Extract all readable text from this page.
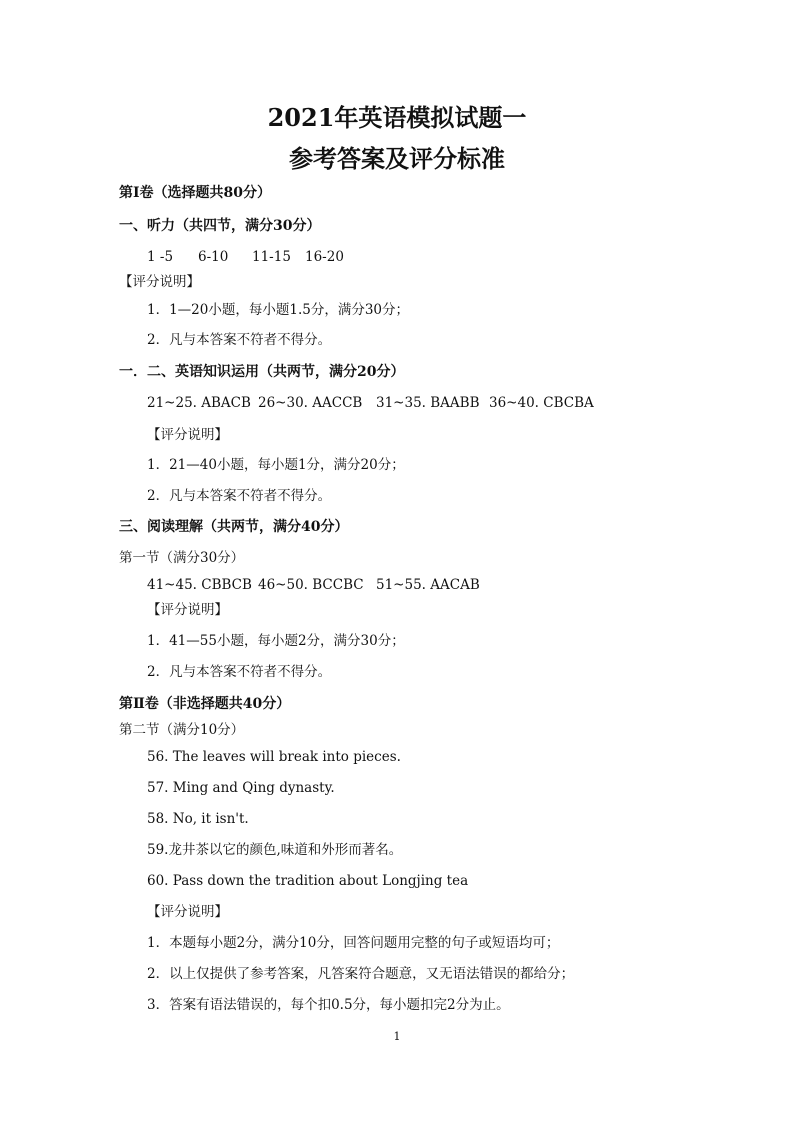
2021年英语模拟试题一
参考答案及评分标准
第Ⅰ卷（选择题共80分）
一、听力（共四节，满分30分）
1 -5 6-10 11-15 16-20
【评分说明】
1．1—20小题，每小题1.5分，满分30分；
2．凡与本答案不符者不得分。
一．二、英语知识运用（共两节，满分20分）
21~25. ABACB 26~30. AACCB 31~35. BAABB 36~40. CBCBA
【评分说明】
1．21—40小题，每小题1分，满分20分；
2．凡与本答案不符者不得分。
三、阅读理解（共两节，满分40分）
第一节（满分30分）
41~45. CBBCB 46~50. BCCBC 51~55. AACAB
【评分说明】
1．41—55小题，每小题2分，满分30分；
2．凡与本答案不符者不得分。
第Ⅱ卷（非选择题共40分）
第二节（满分10分）
56. The leaves will break into pieces.
57. Ming and Qing dynasty.
58. No, it isn't.
59.龙井茶以它的颜色,味道和外形而著名。
60. Pass down the tradition about Longjing tea
【评分说明】
1．本题每小题2分，满分10分，回答问题用完整的句子或短语均可；
2．以上仅提供了参考答案，凡答案符合题意，又无语法错误的都给分；
3．答案有语法错误的，每个扣0.5分，每小题扣完2分为止。
1
